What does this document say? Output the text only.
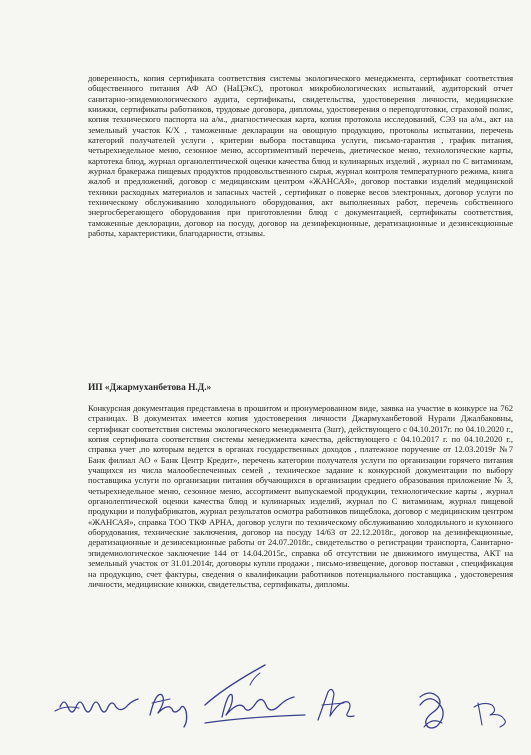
доверенность, копия сертификата соответствия системы экологического менеджмента, сертификат соответствия общественного питания АФ АО (НаЦЭкС), протокол микробиологических испытаний, аудиторский отчет санитарно-эпидемиологического аудита, сертификаты, свидетельства, удостоверения личности, медицинские книжки, сертификаты работников, трудовые договора, дипломы, удостоверения о переподготовки, страховой полис, копия технического паспорта на а/м., диагностическая карта, копия протокола исследований, СЭЗ на а/м., акт на земельный участок К/Х , таможенные декларации на овощную продукцию, протоколы испытании, перечень категорий получателей услуги , критерии выбора поставщика услуги, письмо-гарантия , график питания, четырехнедельное меню, сезонное меню, ассортиментный перечень, диетическое меню, технологические карты, картотека блюд, журнал органолептической оценки качества блюд и кулинарных изделий , журнал по С витаминам, журнал бракеража пищевых продуктов продовольственного сырья, журнал контроля температурного режима, книга жалоб и предложений, договор с медицинским центром «ЖАНСАЯ», договор поставки изделий медицинской техники расходных материалов и запасных частей , сертификат о поверке весов электронных, договор услуги по техническому обслуживанию холодильного оборудования, акт выполненных работ, перечень собственного энергосберегающего оборудования при приготовлении блюд с документацией, сертификаты соответствия, таможенные деклорации, договор на посуду, договор на дезинфекционные, дератизационные и дезинсекционные работы, характеристики, благодарности, отзывы.

ИП «Джармуханбетова Н.Д.»

Конкурсная документация представлена в прошитом и пронумерованном виде, заявка на участие в конкурсе на 762 страницах. В документах имеется копия удостоверения личности Джармуханбетовой Нурали Джалбаковны, сертификат соответствия системы экологического менеджмента (3шт), действующего с 04.10.2017г. по 04.10.2020 г., копия сертификата соответствия системы менеджмента качества, действующего с 04.10.2017 г. по 04.10.2020 г., справка учет ,по которым ведется в органах государственных доходов , платежное поручение от 12.03.2019г №7 Банк филиал АО « Банк Центр Кредит», перечень категории получателя услуги по организации горячего питания учащихся из числа малообеспеченных семей , техническое задание к конкурсной документации по выбору поставщика услуги по организации питания обучающихся в организации среднего образования приложение № 3, четырехнедельное меню, сезонное меню, ассортимент выпускаемой продукции, технологические карты , журнал органолептической оценки качества блюд и кулинарных изделий, журнал по С витаминам, журнал пищевой продукции и полуфабрикатов, журнал результатов осмотра работников пищеблока, договор с медицинским центром «ЖАНСАЯ», справка ТОО ТКФ АРНА, договор услуги по техническому обслуживанию холодильного и кухонного оборудования, технические заключения, договор на посуду 14/63 от 22.12.2018г., договор на дезинфекционные, дератизационные и дезинсекционные работы от 24.07.2018г., свидетельство о регистрации транспорта, Санитарно-эпидемиологическое заключение 144 от 14.04.2015г., справка об отсутствии не движимого имущества, АКТ на земельный участок от 31.01.2014г, договоры купли продажи , письмо-извещение, договор поставки , спецификация на продукцию, счет фактуры, сведения о квалификации работников потенциального поставщика , удостоверения личности, медицинские книжки, свидетельства, сертификаты, дипломы.
